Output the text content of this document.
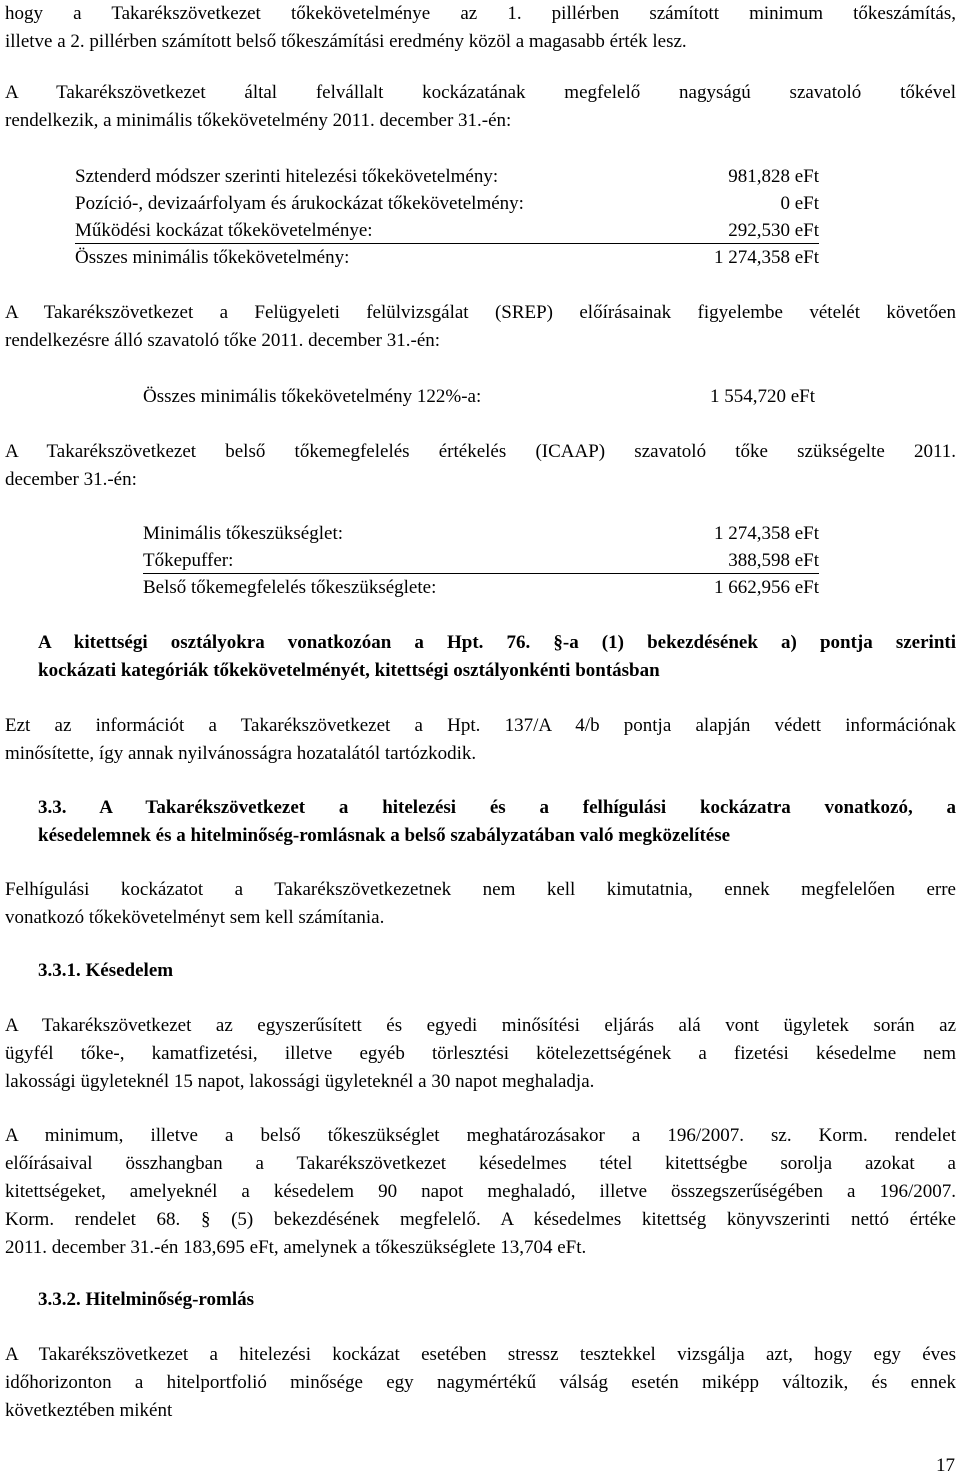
hogy a Takarékszövetkezet tőkekövetelménye az 1. pillérben számított minimum tőkeszámítás,
illetve a 2. pillérben számított belső tőkeszámítási eredmény közöl a magasabb érték lesz.
A Takarékszövetkezet által felvállalt kockázatának megfelelő nagyságú szavatoló tőkével
rendelkezik, a minimális tőkekövetelmény 2011. december 31.-én:
Sztenderd módszer szerinti hitelezési tőkekövetelmény:	981,828 eFt
Pozíció-, devizaárfolyam és árukockázat tőkekövetelmény:	0 eFt
Működési kockázat tőkekövetelménye:	292,530 eFt
Összes minimális tőkekövetelmény:	1 274,358 eFt
A Takarékszövetkezet a Felügyeleti felülvizsgálat (SREP) előírásainak figyelembe vételét követően
rendelkezésre álló szavatoló tőke 2011. december 31.-én:
Összes minimális tőkekövetelmény 122%-a:	1 554,720 eFt
A Takarékszövetkezet belső tőkemegfelelés értékelés (ICAAP) szavatoló tőke szükségelte 2011.
december 31.-én:
Minimális tőkeszükséglet:	1 274,358 eFt
Tőkepuffer:	388,598 eFt
Belső tőkemegfelelés tőkeszükséglete:	1 662,956 eFt
A kitettségi osztályokra vonatkozóan a Hpt. 76. §-a (1) bekezdésének a) pontja szerinti
kockázati kategóriák tőkekövetelményét, kitettségi osztályonkénti bontásban
Ezt az információt a Takarékszövetkezet a Hpt. 137/A 4/b pontja alapján védett információnak
minősítette, így annak nyilvánosságra hozatalától tartózkodik.
3.3. A Takarékszövetkezet a hitelezési és a felhígulási kockázatra vonatkozó, a
késedelemnek és a hitelminőség-romlásnak a belső szabályzatában való megközelítése
Felhígulási kockázatot a Takarékszövetkezetnek nem kell kimutatnia, ennek megfelelően erre
vonatkozó tőkekövetelményt sem kell számítania.
3.3.1. Késedelem
A Takarékszövetkezet az egyszerűsített és egyedi minősítési eljárás alá vont ügyletek során az
ügyfél tőke-, kamatfizetési, illetve egyéb törlesztési kötelezettségének a fizetési késedelme nem
lakossági ügyleteknél 15 napot, lakossági ügyleteknél a 30 napot meghaladja.
A minimum, illetve a belső tőkeszükséglet meghatározásakor a 196/2007. sz. Korm. rendelet
előírásaival összhangban a Takarékszövetkezet késedelmes tétel kitettségbe sorolja azokat a
kitettségeket, amelyeknél a késedelem 90 napot meghaladó, illetve összegszerűségében a 196/2007.
Korm. rendelet 68. § (5) bekezdésének megfelelő. A késedelmes kitettség könyvszerinti nettó értéke
2011. december 31.-én 183,695 eFt, amelynek a tőkeszükséglete 13,704 eFt.
3.3.2. Hitelminőség-romlás
A Takarékszövetkezet a hitelezési kockázat esetében stressz tesztekkel vizsgálja azt, hogy egy éves
időhorizonton a hitelportfolió minősége egy nagymértékű válság esetén miképp változik, és ennek
következtében miként
17
